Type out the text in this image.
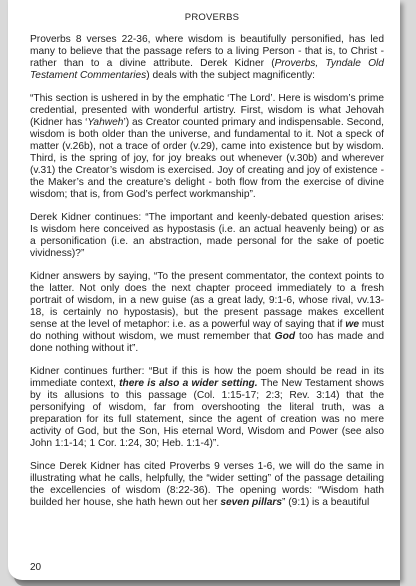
PROVERBS

Proverbs 8 verses 22-36, where wisdom is beautifully personified, has led many to believe that the passage refers to a living Person - that is, to Christ - rather than to a divine attribute. Derek Kidner (Proverbs, Tyndale Old Testament Commentaries) deals with the subject magnificently:

“This section is ushered in by the emphatic ‘The Lord’. Here is wisdom’s prime credential, presented with wonderful artistry. First, wisdom is what Jehovah (Kidner has ‘Yahweh’) as Creator counted primary and indispensable. Second, wisdom is both older than the universe, and fundamental to it. Not a speck of matter (v.26b), not a trace of order (v.29), came into existence but by wisdom. Third, is the spring of joy, for joy breaks out whenever (v.30b) and wherever (v.31) the Creator’s wisdom is exercised. Joy of creating and joy of existence - the Maker’s and the creature’s delight - both flow from the exercise of divine wisdom; that is, from God’s perfect workmanship”.

Derek Kidner continues: “The important and keenly-debated question arises: Is wisdom here conceived as hypostasis (i.e. an actual heavenly being) or as a personification (i.e. an abstraction, made personal for the sake of poetic vividness)?”

Kidner answers by saying, “To the present commentator, the context points to the latter. Not only does the next chapter proceed immediately to a fresh portrait of wisdom, in a new guise (as a great lady, 9:1-6, whose rival, vv.13-18, is certainly no hypostasis), but the present passage makes excellent sense at the level of metaphor: i.e. as a powerful way of saying that if we must do nothing without wisdom, we must remember that God too has made and done nothing without it”.

Kidner continues further: “But if this is how the poem should be read in its immediate context, there is also a wider setting. The New Testament shows by its allusions to this passage (Col. 1:15-17; 2:3; Rev. 3:14) that the personifying of wisdom, far from overshooting the literal truth, was a preparation for its full statement, since the agent of creation was no mere activity of God, but the Son, His eternal Word, Wisdom and Power (see also John 1:1-14; 1 Cor. 1:24, 30; Heb. 1:1-4)”.

Since Derek Kidner has cited Proverbs 9 verses 1-6, we will do the same in illustrating what he calls, helpfully, the “wider setting” of the passage detailing the excellencies of wisdom (8:22-36). The opening words: “Wisdom hath builded her house, she hath hewn out her seven pillars” (9:1) is a beautiful

20
